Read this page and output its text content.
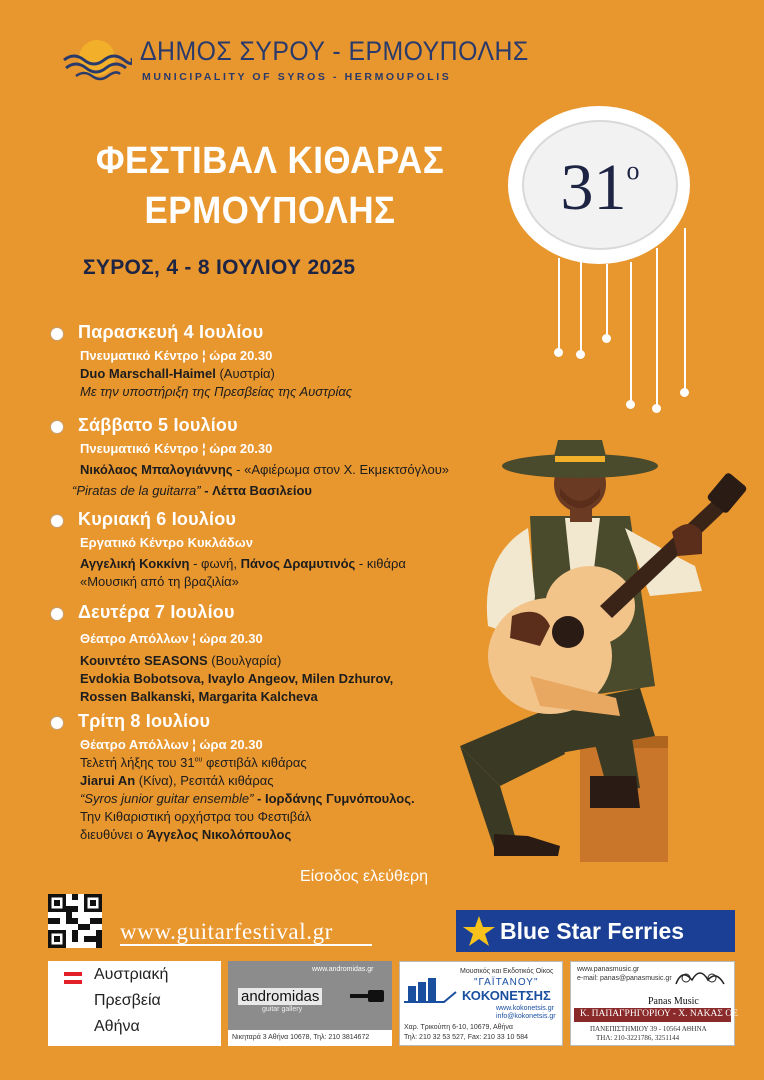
ΔΗΜΟΣ ΣΥΡΟΥ - ΕΡΜΟΥΠΟΛΗΣ
MUNICIPALITY OF SYROS - HERMOUPOLIS
ΦΕΣΤΙΒΑΛ ΚΙΘΑΡΑΣ
ΕΡΜΟΥΠΟΛΗΣ
ΣΥΡΟΣ, 4 - 8 ΙΟΥΛΙΟΥ 2025
$31^o$
Παρασκευή 4 Ιουλίου
Πνευματικό Κέντρο ¦ ώρα 20.30
Duo Marschall-Haimel (Αυστρία)
Με την υποστήριξη της Πρεσβείας της Αυστρίας
Σάββατο 5 Ιουλίου
Πνευματικό Κέντρο ¦ ώρα 20.30
Νικόλαος Μπαλογιάννης - «Αφιέρωμα στον Χ. Εκμεκτσόγλου»
“Piratas de la guitarra” - Λέττα Βασιλείου
Κυριακή 6 Ιουλίου
Εργατικό Κέντρο Κυκλάδων
Αγγελική Κοκκίνη - φωνή, Πάνος Δραμυτινός - κιθάρα
«Μουσική από τη βραζιλία»
Δευτέρα 7 Ιουλίου
Θέατρο Απόλλων ¦ ώρα 20.30
Κουιντέτο SEASONS (Βουλγαρία)
Evdokia Bobotsova, Ivaylo Angeov, Milen Dzhurov,
Rossen Balkanski, Margarita Kalcheva
Τρίτη 8 Ιουλίου
Θέατρο Απόλλων ¦ ώρα 20.30
Τελετή λήξης του $31^{o\upsilon}$ φεστιβάλ κιθάρας
Jiarui An (Κίνα), Ρεσιτάλ κιθάρας
“Syros junior guitar ensemble” - Ιορδάνης Γυμνόπουλος.
Την Κιθαριστική ορχήστρα του Φεστιβάλ
διευθύνει ο Άγγελος Νικολόπουλος
Είσοδος ελεύθερη
www.guitarfestival.gr	Blue Star Ferries
Αυστριακή
Πρεσβεία
Αθήνα
www.andromidas.gr
andromidas
guitar gallery
Νικηταρά 3 Αθήνα 10678, Τηλ: 210 3814672
Μουσικός και Εκδοτικός Οίκος
"ΓΑΪΤΑΝΟΥ"
ΚΟΚΟΝΕΤΣΗΣ
www.kokonetsis.gr
info@kokonetsis.gr
Χαρ. Τρικούπη 6-10, 10679, Αθήνα
Τηλ: 210 32 53 527, Fax: 210 33 10 584
www.panasmusic.gr
e-mail: panas@panasmusic.gr
Panas Music
Κ. ΠΑΠΑΓΡΗΓΟΡΙΟΥ - Χ. ΝΑΚΑΣ ΟΕ
ΠΑΝΕΠΙΣΤΗΜΙΟΥ 39 - 10564 ΑΘΗΝΑ
ΤΗΛ: 210-3221786, 3251144
